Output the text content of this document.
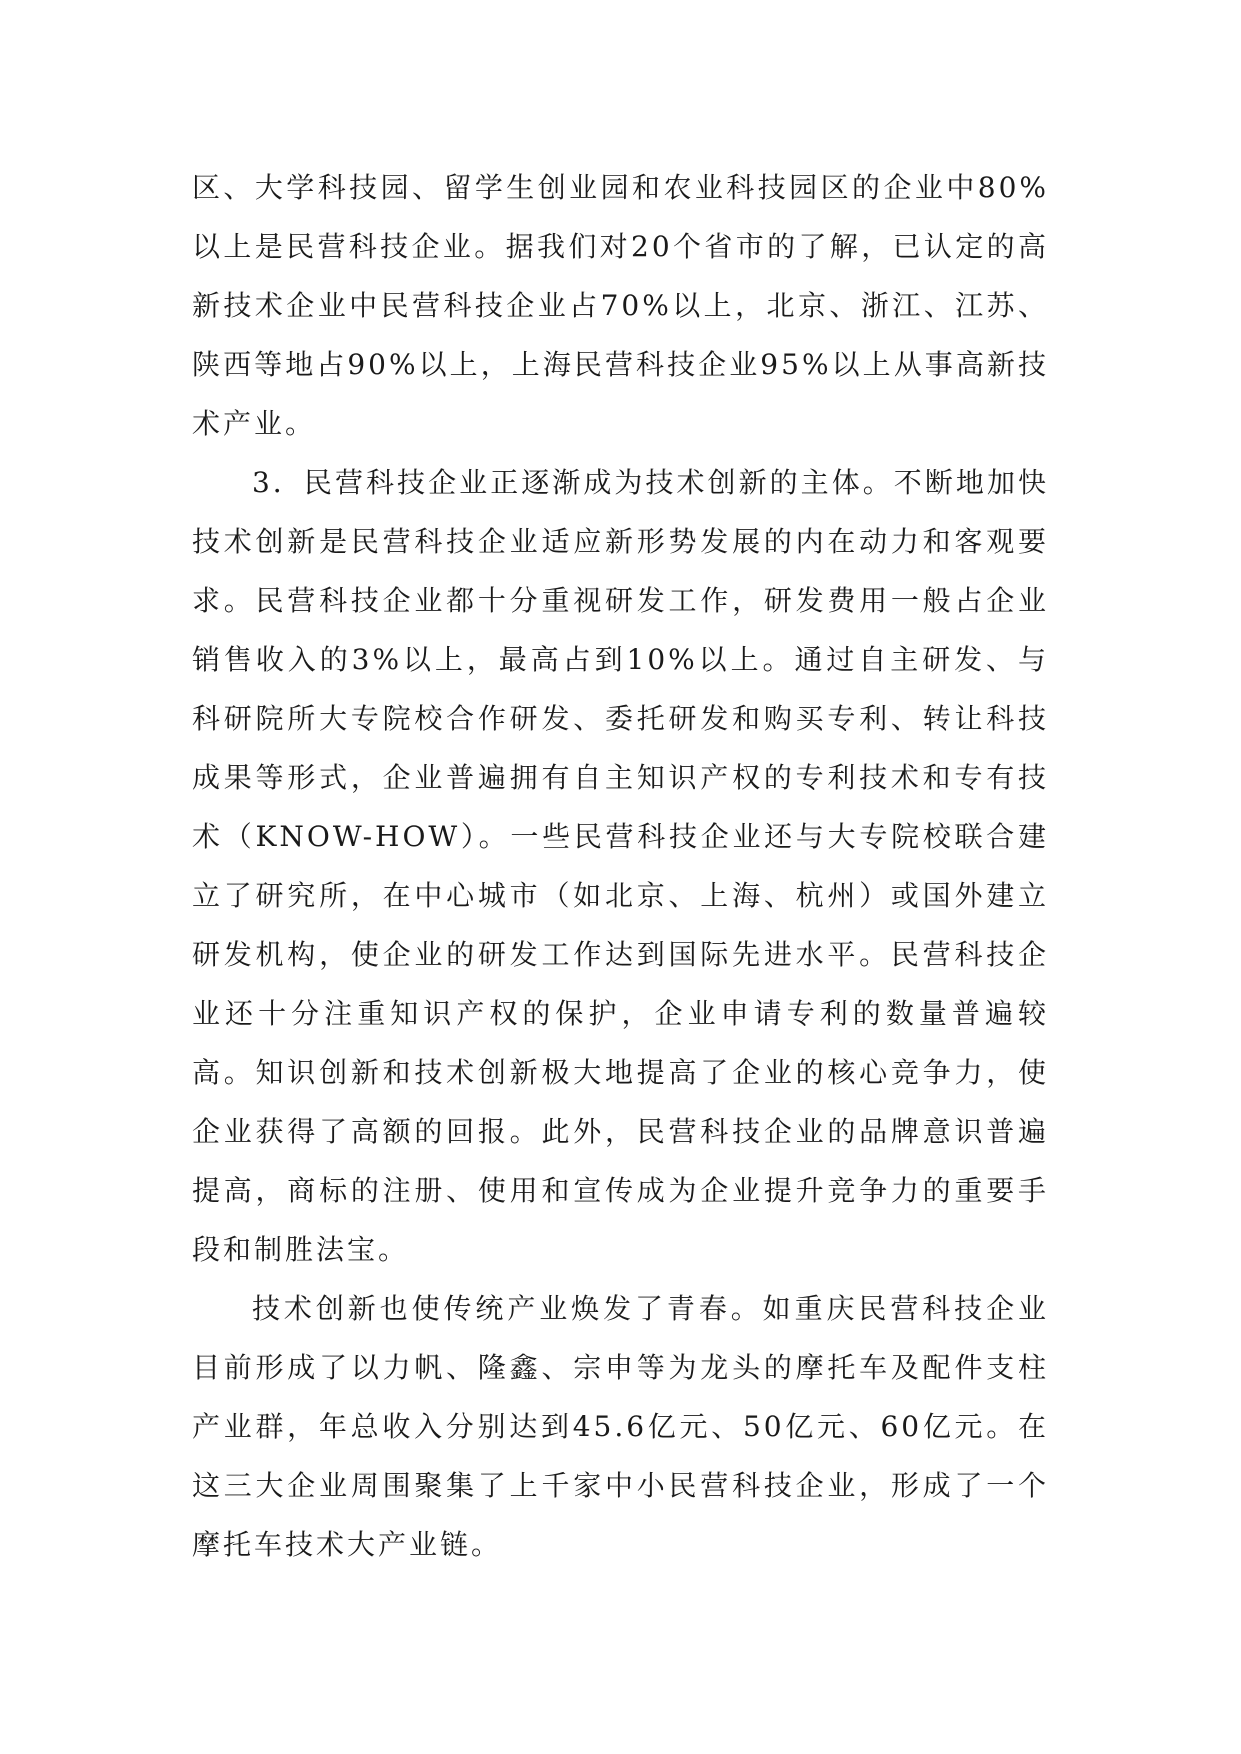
区、大学科技园、留学生创业园和农业科技园区的企业中80%以上是民营科技企业。据我们对20个省市的了解，已认定的高新技术企业中民营科技企业占70%以上，北京、浙江、江苏、陕西等地占90%以上，上海民营科技企业95%以上从事高新技术产业。

3．民营科技企业正逐渐成为技术创新的主体。不断地加快技术创新是民营科技企业适应新形势发展的内在动力和客观要求。民营科技企业都十分重视研发工作，研发费用一般占企业销售收入的3%以上，最高占到10%以上。通过自主研发、与科研院所大专院校合作研发、委托研发和购买专利、转让科技成果等形式，企业普遍拥有自主知识产权的专利技术和专有技术（KNOW-HOW）。一些民营科技企业还与大专院校联合建立了研究所，在中心城市（如北京、上海、杭州）或国外建立研发机构，使企业的研发工作达到国际先进水平。民营科技企业还十分注重知识产权的保护，企业申请专利的数量普遍较高。知识创新和技术创新极大地提高了企业的核心竞争力，使企业获得了高额的回报。此外，民营科技企业的品牌意识普遍提高，商标的注册、使用和宣传成为企业提升竞争力的重要手段和制胜法宝。

技术创新也使传统产业焕发了青春。如重庆民营科技企业目前形成了以力帆、隆鑫、宗申等为龙头的摩托车及配件支柱产业群，年总收入分别达到45.6亿元、50亿元、60亿元。在这三大企业周围聚集了上千家中小民营科技企业，形成了一个摩托车技术大产业链。
